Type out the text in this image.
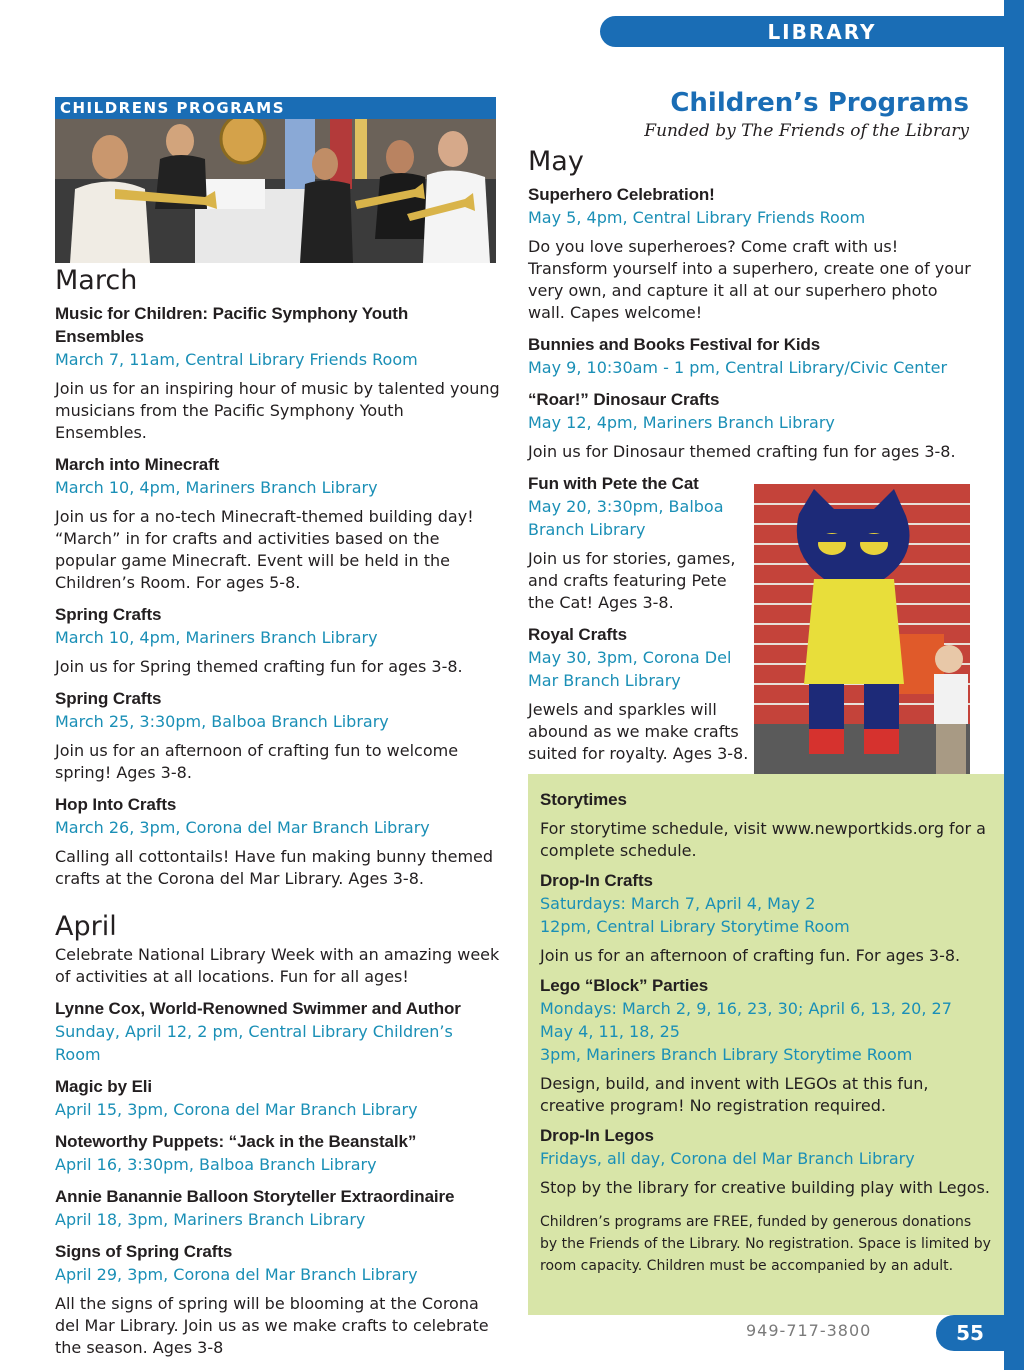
LIBRARY
CHILDRENS PROGRAMS
March
Music for Children: Pacific Symphony Youth Ensembles
March 7, 11am, Central Library Friends Room
Join us for an inspiring hour of music by talented young musicians from the Pacific Symphony Youth Ensembles.
March into Minecraft
March 10, 4pm, Mariners Branch Library
Join us for a no-tech Minecraft-themed building day! “March” in for crafts and activities based on the popular game Minecraft. Event will be held in the Children’s Room. For ages 5-8.
Spring Crafts
March 10, 4pm, Mariners Branch Library
Join us for Spring themed crafting fun for ages 3-8.
Spring Crafts
March 25, 3:30pm, Balboa Branch Library
Join us for an afternoon of crafting fun to welcome spring! Ages 3-8.
Hop Into Crafts
March 26, 3pm, Corona del Mar Branch Library
Calling all cottontails! Have fun making bunny themed crafts at the Corona del Mar Library. Ages 3-8.
April
Celebrate National Library Week with an amazing week of activities at all locations. Fun for all ages!
Lynne Cox, World-Renowned Swimmer and Author
Sunday, April 12, 2 pm, Central Library Children’s Room
Magic by Eli
April 15, 3pm, Corona del Mar Branch Library
Noteworthy Puppets: “Jack in the Beanstalk”
April 16, 3:30pm, Balboa Branch Library
Annie Banannie Balloon Storyteller Extraordinaire
April 18, 3pm, Mariners Branch Library
Signs of Spring Crafts
April 29, 3pm, Corona del Mar Branch Library
All the signs of spring will be blooming at the Corona del Mar Library. Join us as we make crafts to celebrate the season. Ages 3-8
Children’s Programs
Funded by The Friends of the Library
May
Superhero Celebration!
May 5, 4pm, Central Library Friends Room
Do you love superheroes? Come craft with us! Transform yourself into a superhero, create one of your very own, and capture it all at our superhero photo wall. Capes welcome!
Bunnies and Books Festival for Kids
May 9, 10:30am - 1 pm, Central Library/Civic Center
“Roar!” Dinosaur Crafts
May 12, 4pm, Mariners Branch Library
Join us for Dinosaur themed crafting fun for ages 3-8.
Fun with Pete the Cat
May 20, 3:30pm, Balboa Branch Library
Join us for stories, games, and crafts featuring Pete the Cat! Ages 3-8.
Royal Crafts
May 30, 3pm, Corona Del Mar Branch Library
Jewels and sparkles will abound as we make crafts suited for royalty. Ages 3-8.
Storytimes
For storytime schedule, visit www.newportkids.org for a complete schedule.
Drop-In Crafts
Saturdays: March 7, April 4, May 2
12pm, Central Library Storytime Room
Join us for an afternoon of crafting fun. For ages 3-8.
Lego “Block” Parties
Mondays: March 2, 9, 16, 23, 30; April 6, 13, 20, 27
May 4, 11, 18, 25
3pm, Mariners Branch Library Storytime Room
Design, build, and invent with LEGOs at this fun, creative program! No registration required.
Drop-In Legos
Fridays, all day, Corona del Mar Branch Library
Stop by the library for creative building play with Legos.
Children’s programs are FREE, funded by generous donations by the Friends of the Library. No registration. Space is limited by room capacity. Children must be accompanied by an adult.
949-717-3800	55
